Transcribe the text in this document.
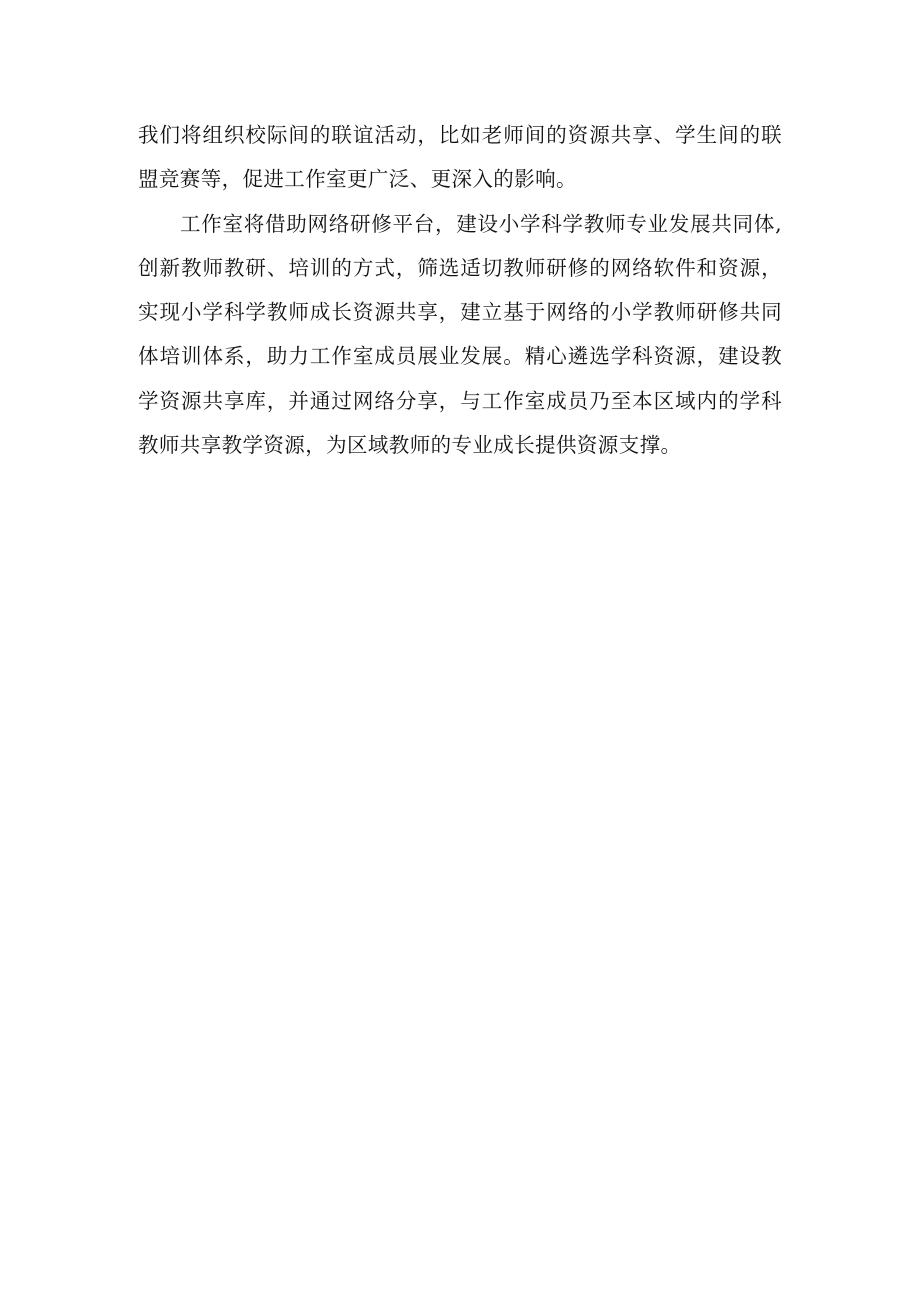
我们将组织校际间的联谊活动，比如老师间的资源共享、学生间的联盟竞赛等，促进工作室更广泛、更深入的影响。

工作室将借助网络研修平台，建设小学科学教师专业发展共同体,创新教师教研、培训的方式，筛选适切教师研修的网络软件和资源，实现小学科学教师成长资源共享，建立基于网络的小学教师研修共同体培训体系，助力工作室成员展业发展。精心遴选学科资源，建设教学资源共享库，并通过网络分享，与工作室成员乃至本区域内的学科教师共享教学资源，为区域教师的专业成长提供资源支撑。
